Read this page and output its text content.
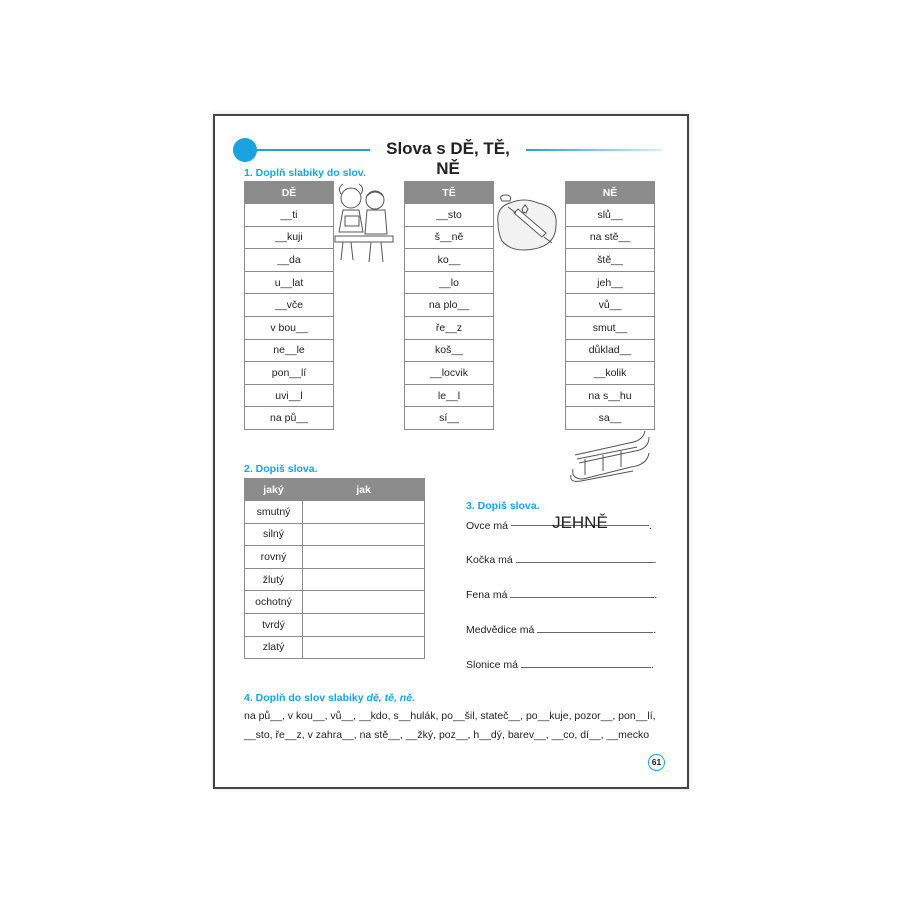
Slova s DĚ, TĚ, NĚ
1. Doplň slabiky do slov.
DĚ
__ti
__kuji
__da
u__lat
__vče
v bou__
ne__le
pon__lí
uvi__l
na pů__
TĚ
__sto
š__ně
ko__
__lo
na plo__
ře__z
koš__
__locvik
le__l
sí__
NĚ
slů__
na stě__
ště__
jeh__
vů__
smut__
důklad__
__kolik
na s__hu
sa__
2. Dopiš slova.
jaký	jak
smutný	
silný	
rovný	
žlutý	
ochotný	
tvrdý	
zlatý	
3. Dopiš slova.
Ovce má	JEHNĚ	.
Kočka má	.
Fena má	.
Medvědice má	.
Slonice má	.
4. Doplň do slov slabiky dě, tě, ně.
na pů__, v kou__, vů__, __kdo, s__hulák, po__šil, stateč__, po__kuje, pozor__, pon__lí,
__sto, ře__z, v zahra__, na stě__, __žký, poz__, h__dý, barev__, __co, dí__, __mecko
61
